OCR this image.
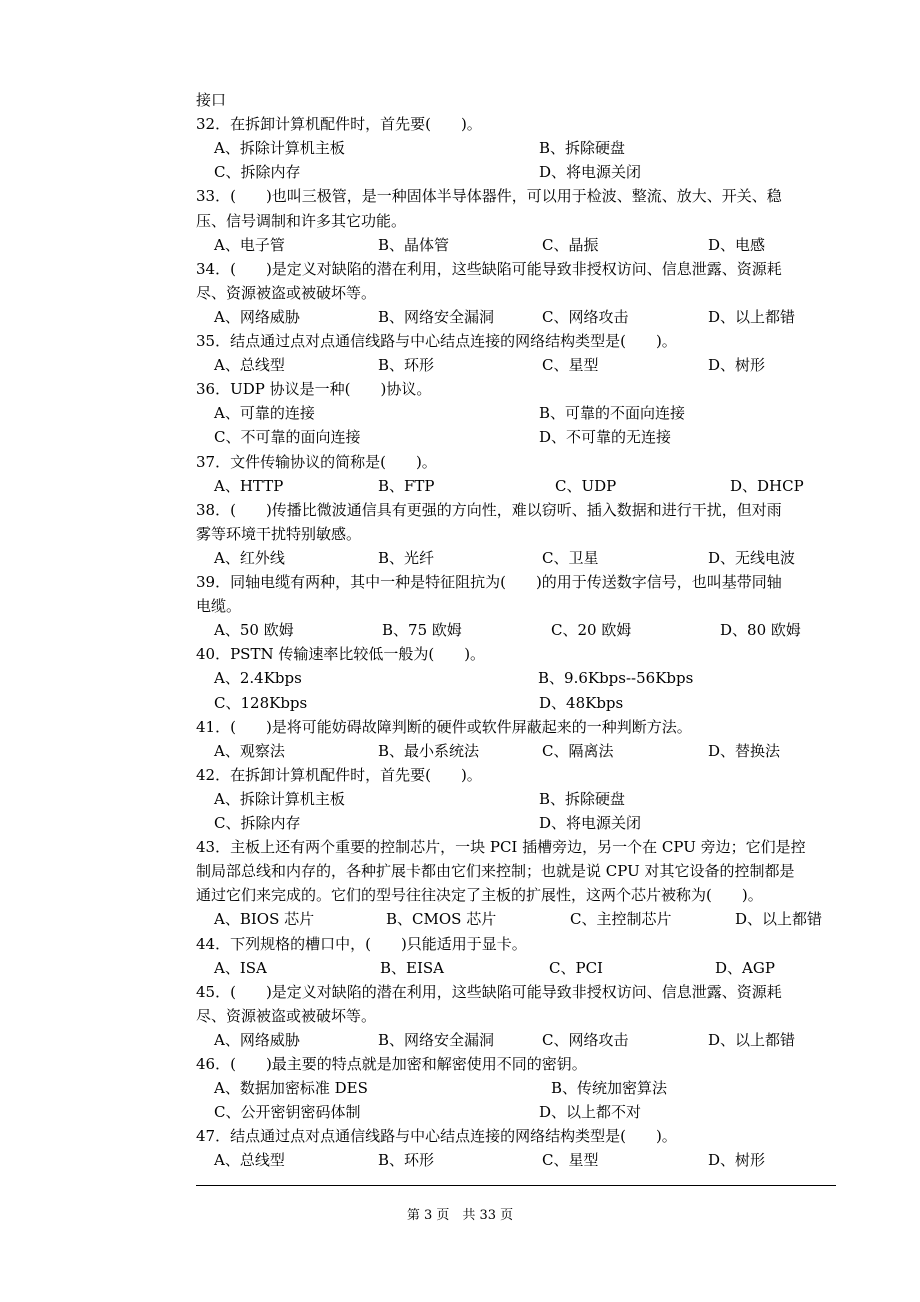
接口
32．在拆卸计算机配件时，首先要(　　)。
A、拆除计算机主板	B、拆除硬盘
C、拆除内存	D、将电源关闭
33．(　　)也叫三极管，是一种固体半导体器件，可以用于检波、整流、放大、开关、稳
压、信号调制和许多其它功能。
A、电子管	B、晶体管	C、晶振	D、电感
34．(　　)是定义对缺陷的潜在利用，这些缺陷可能导致非授权访问、信息泄露、资源耗
尽、资源被盗或被破坏等。
A、网络威胁	B、网络安全漏洞	C、网络攻击	D、以上都错
35．结点通过点对点通信线路与中心结点连接的网络结构类型是(　　)。
A、总线型	B、环形	C、星型	D、树形
36．UDP 协议是一种(　　)协议。
A、可靠的连接	B、可靠的不面向连接
C、不可靠的面向连接	D、不可靠的无连接
37．文件传输协议的简称是(　　)。
A、HTTP	B、FTP	C、UDP	D、DHCP
38．(　　)传播比微波通信具有更强的方向性，难以窃听、插入数据和进行干扰，但对雨
雾等环境干扰特别敏感。
A、红外线	B、光纤	C、卫星	D、无线电波
39．同轴电缆有两种，其中一种是特征阻抗为(　　)的用于传送数字信号，也叫基带同轴
电缆。
A、50 欧姆	B、75 欧姆	C、20 欧姆	D、80 欧姆
40．PSTN 传输速率比较低一般为(　　)。
A、2.4Kbps	B、9.6Kbps--56Kbps
C、128Kbps	D、48Kbps
41．(　　)是将可能妨碍故障判断的硬件或软件屏蔽起来的一种判断方法。
A、观察法	B、最小系统法	C、隔离法	D、替换法
42．在拆卸计算机配件时，首先要(　　)。
A、拆除计算机主板	B、拆除硬盘
C、拆除内存	D、将电源关闭
43．主板上还有两个重要的控制芯片，一块 PCI 插槽旁边，另一个在 CPU 旁边；它们是控
制局部总线和内存的，各种扩展卡都由它们来控制；也就是说 CPU 对其它设备的控制都是
通过它们来完成的。它们的型号往往决定了主板的扩展性，这两个芯片被称为(　　)。
A、BIOS 芯片	B、CMOS 芯片	C、主控制芯片	D、以上都错
44．下列规格的槽口中，(　　)只能适用于显卡。
A、ISA	B、EISA	C、PCI	D、AGP
45．(　　)是定义对缺陷的潜在利用，这些缺陷可能导致非授权访问、信息泄露、资源耗
尽、资源被盗或被破坏等。
A、网络威胁	B、网络安全漏洞	C、网络攻击	D、以上都错
46．(　　)最主要的特点就是加密和解密使用不同的密钥。
A、数据加密标准 DES	B、传统加密算法
C、公开密钥密码体制	D、以上都不对
47．结点通过点对点通信线路与中心结点连接的网络结构类型是(　　)。
A、总线型	B、环形	C、星型	D、树形
第 3 页　共 33 页
